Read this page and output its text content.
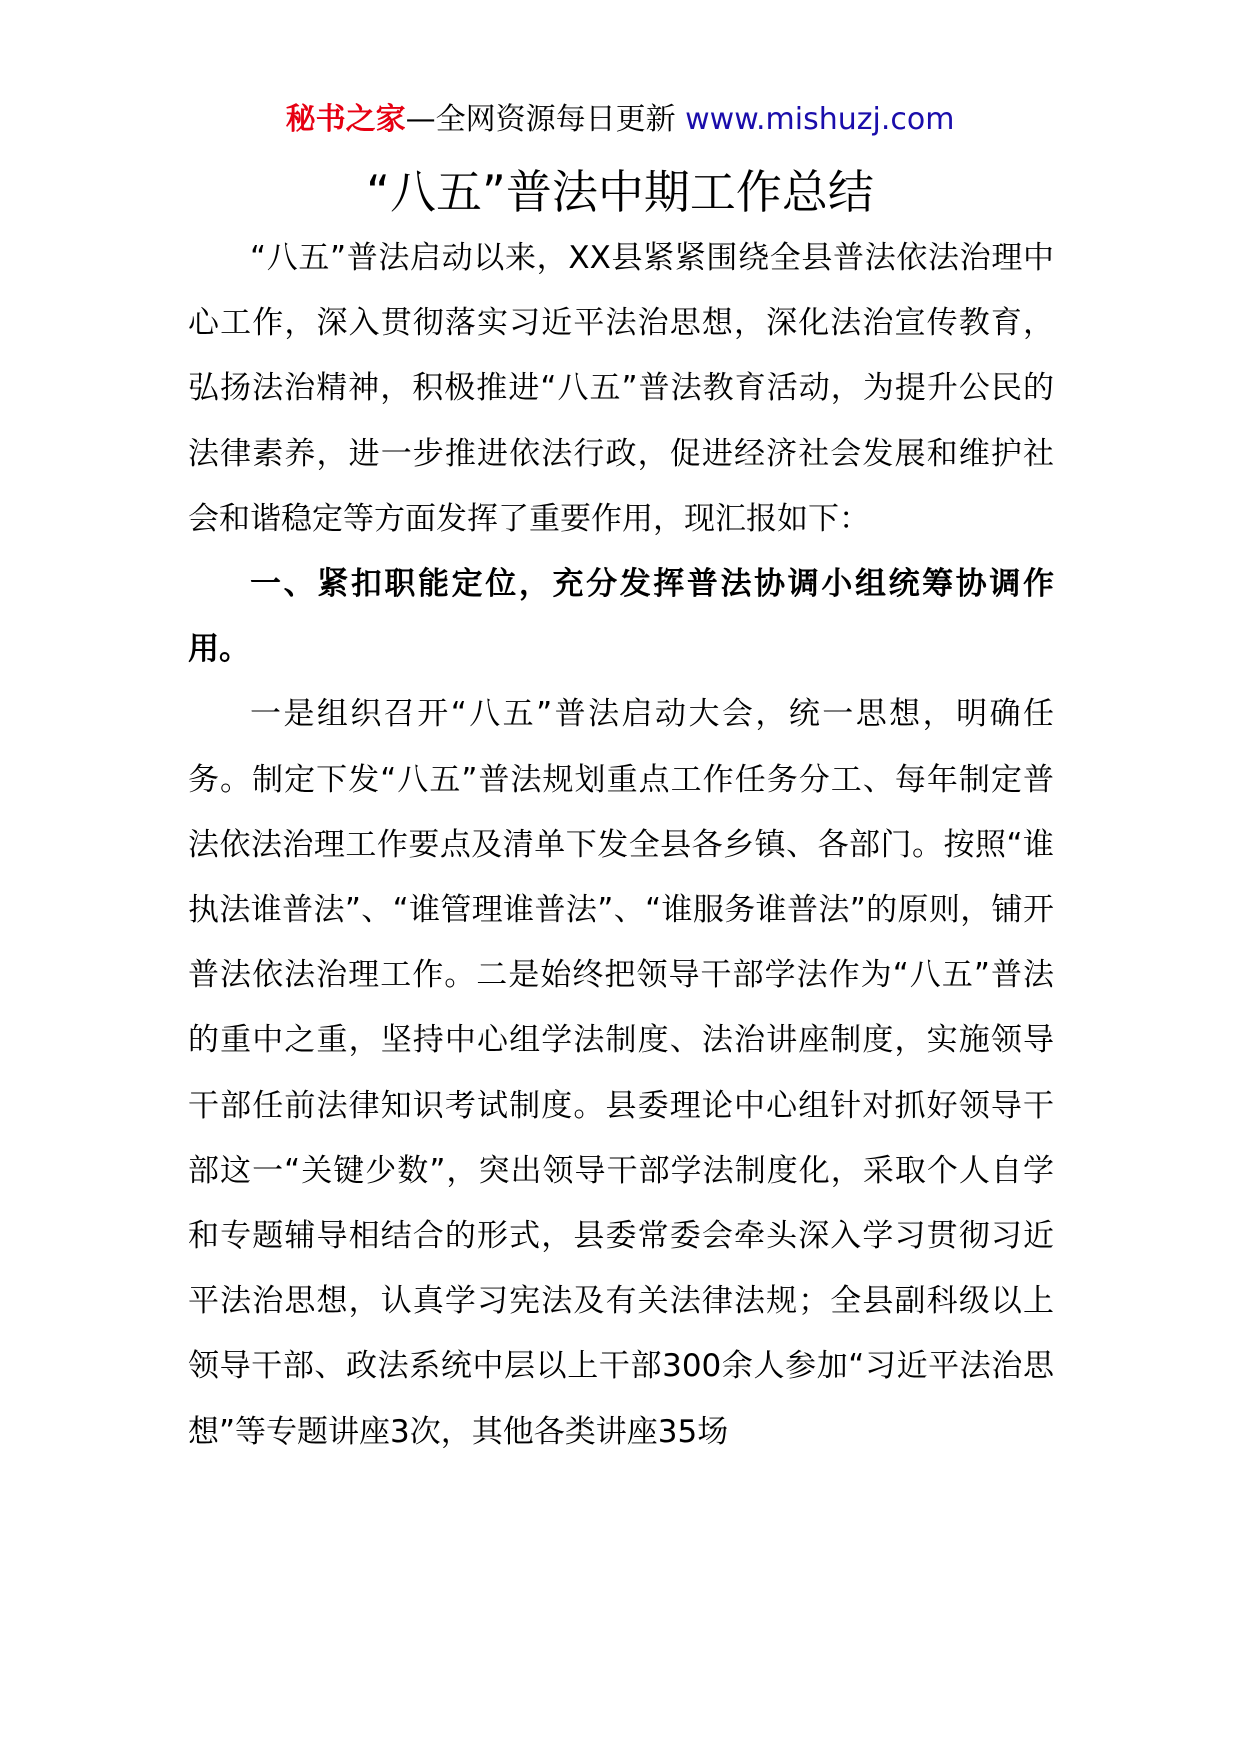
秘书之家—全网资源每日更新 www.mishuzj.com
“八五”普法中期工作总结

“八五”普法启动以来，XX县紧紧围绕全县普法依法治理中心工作，深入贯彻落实习近平法治思想，深化法治宣传教育，弘扬法治精神，积极推进“八五”普法教育活动，为提升公民的法律素养，进一步推进依法行政，促进经济社会发展和维护社会和谐稳定等方面发挥了重要作用，现汇报如下：

一、紧扣职能定位，充分发挥普法协调小组统筹协调作用。

一是组织召开“八五”普法启动大会，统一思想，明确任务。制定下发“八五”普法规划重点工作任务分工、每年制定普法依法治理工作要点及清单下发全县各乡镇、各部门。按照“谁执法谁普法”、“谁管理谁普法”、“谁服务谁普法”的原则，铺开普法依法治理工作。二是始终把领导干部学法作为“八五”普法的重中之重，坚持中心组学法制度、法治讲座制度，实施领导干部任前法律知识考试制度。县委理论中心组针对抓好领导干部这一“关键少数”，突出领导干部学法制度化，采取个人自学和专题辅导相结合的形式，县委常委会牵头深入学习贯彻习近平法治思想，认真学习宪法及有关法律法规；全县副科级以上领导干部、政法系统中层以上干部300余人参加“习近平法治思想”等专题讲座3次，其他各类讲座35场
